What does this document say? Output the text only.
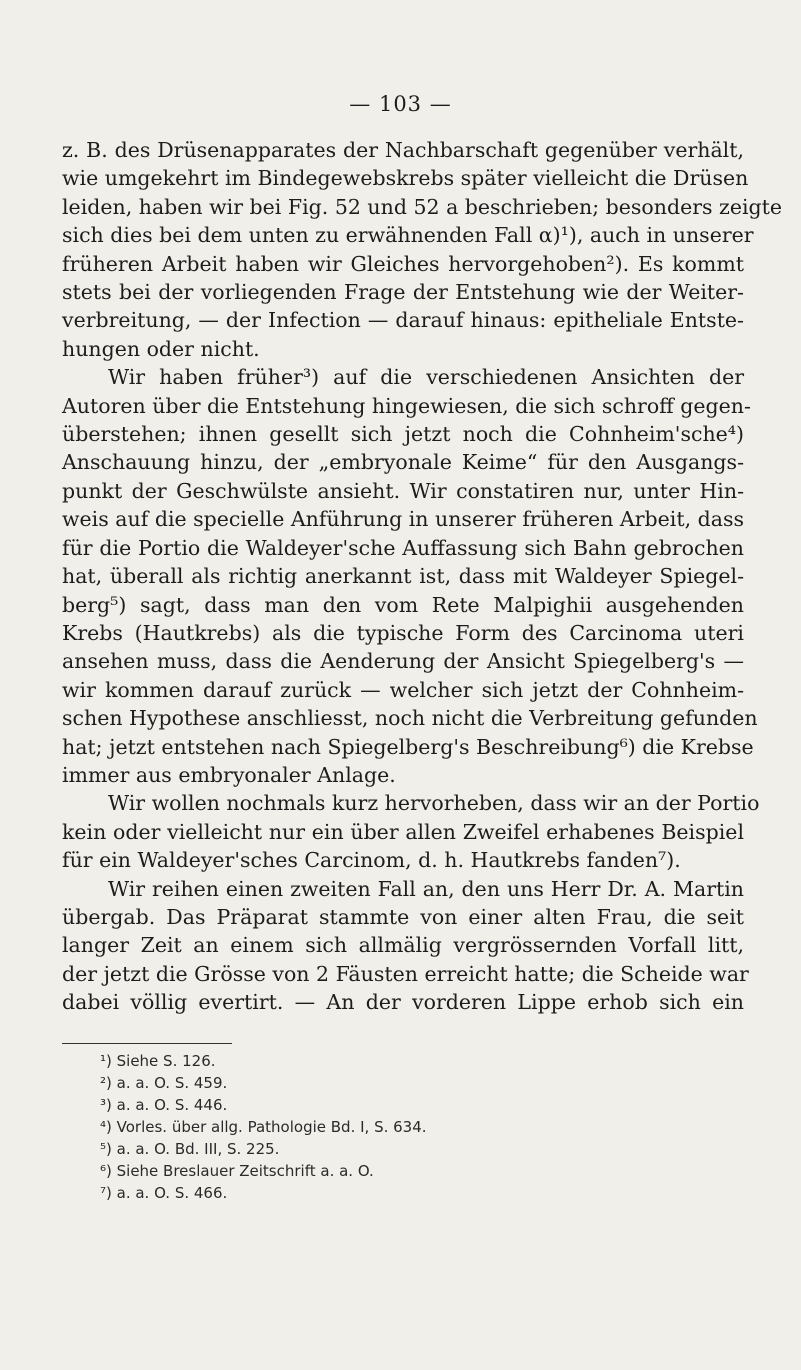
— 103 —
z. B. des Drüsenapparates der Nachbarschaft gegenüber verhält,
wie umgekehrt im Bindegewebskrebs später vielleicht die Drüsen
leiden, haben wir bei Fig. 52 und 52 a beschrieben; besonders zeigte
sich dies bei dem unten zu erwähnenden Fall α)¹), auch in unserer
früheren Arbeit haben wir Gleiches hervorgehoben²). Es kommt
stets bei der vorliegenden Frage der Entstehung wie der Weiter-
verbreitung, — der Infection — darauf hinaus: epitheliale Entste-
hungen oder nicht.
Wir haben früher³) auf die verschiedenen Ansichten der
Autoren über die Entstehung hingewiesen, die sich schroff gegen-
überstehen; ihnen gesellt sich jetzt noch die Cohnheim'sche⁴)
Anschauung hinzu, der „embryonale Keime“ für den Ausgangs-
punkt der Geschwülste ansieht. Wir constatiren nur, unter Hin-
weis auf die specielle Anführung in unserer früheren Arbeit, dass
für die Portio die Waldeyer'sche Auffassung sich Bahn gebrochen
hat, überall als richtig anerkannt ist, dass mit Waldeyer Spiegel-
berg⁵) sagt, dass man den vom Rete Malpighii ausgehenden
Krebs (Hautkrebs) als die typische Form des Carcinoma uteri
ansehen muss, dass die Aenderung der Ansicht Spiegelberg's —
wir kommen darauf zurück — welcher sich jetzt der Cohnheim-
schen Hypothese anschliesst, noch nicht die Verbreitung gefunden
hat; jetzt entstehen nach Spiegelberg's Beschreibung⁶) die Krebse
immer aus embryonaler Anlage.
Wir wollen nochmals kurz hervorheben, dass wir an der Portio
kein oder vielleicht nur ein über allen Zweifel erhabenes Beispiel
für ein Waldeyer'sches Carcinom, d. h. Hautkrebs fanden⁷).
Wir reihen einen zweiten Fall an, den uns Herr Dr. A. Martin
übergab. Das Präparat stammte von einer alten Frau, die seit
langer Zeit an einem sich allmälig vergrössernden Vorfall litt,
der jetzt die Grösse von 2 Fäusten erreicht hatte; die Scheide war
dabei völlig evertirt. — An der vorderen Lippe erhob sich ein
¹) Siehe S. 126.
²) a. a. O. S. 459.
³) a. a. O. S. 446.
⁴) Vorles. über allg. Pathologie Bd. I, S. 634.
⁵) a. a. O. Bd. III, S. 225.
⁶) Siehe Breslauer Zeitschrift a. a. O.
⁷) a. a. O. S. 466.
